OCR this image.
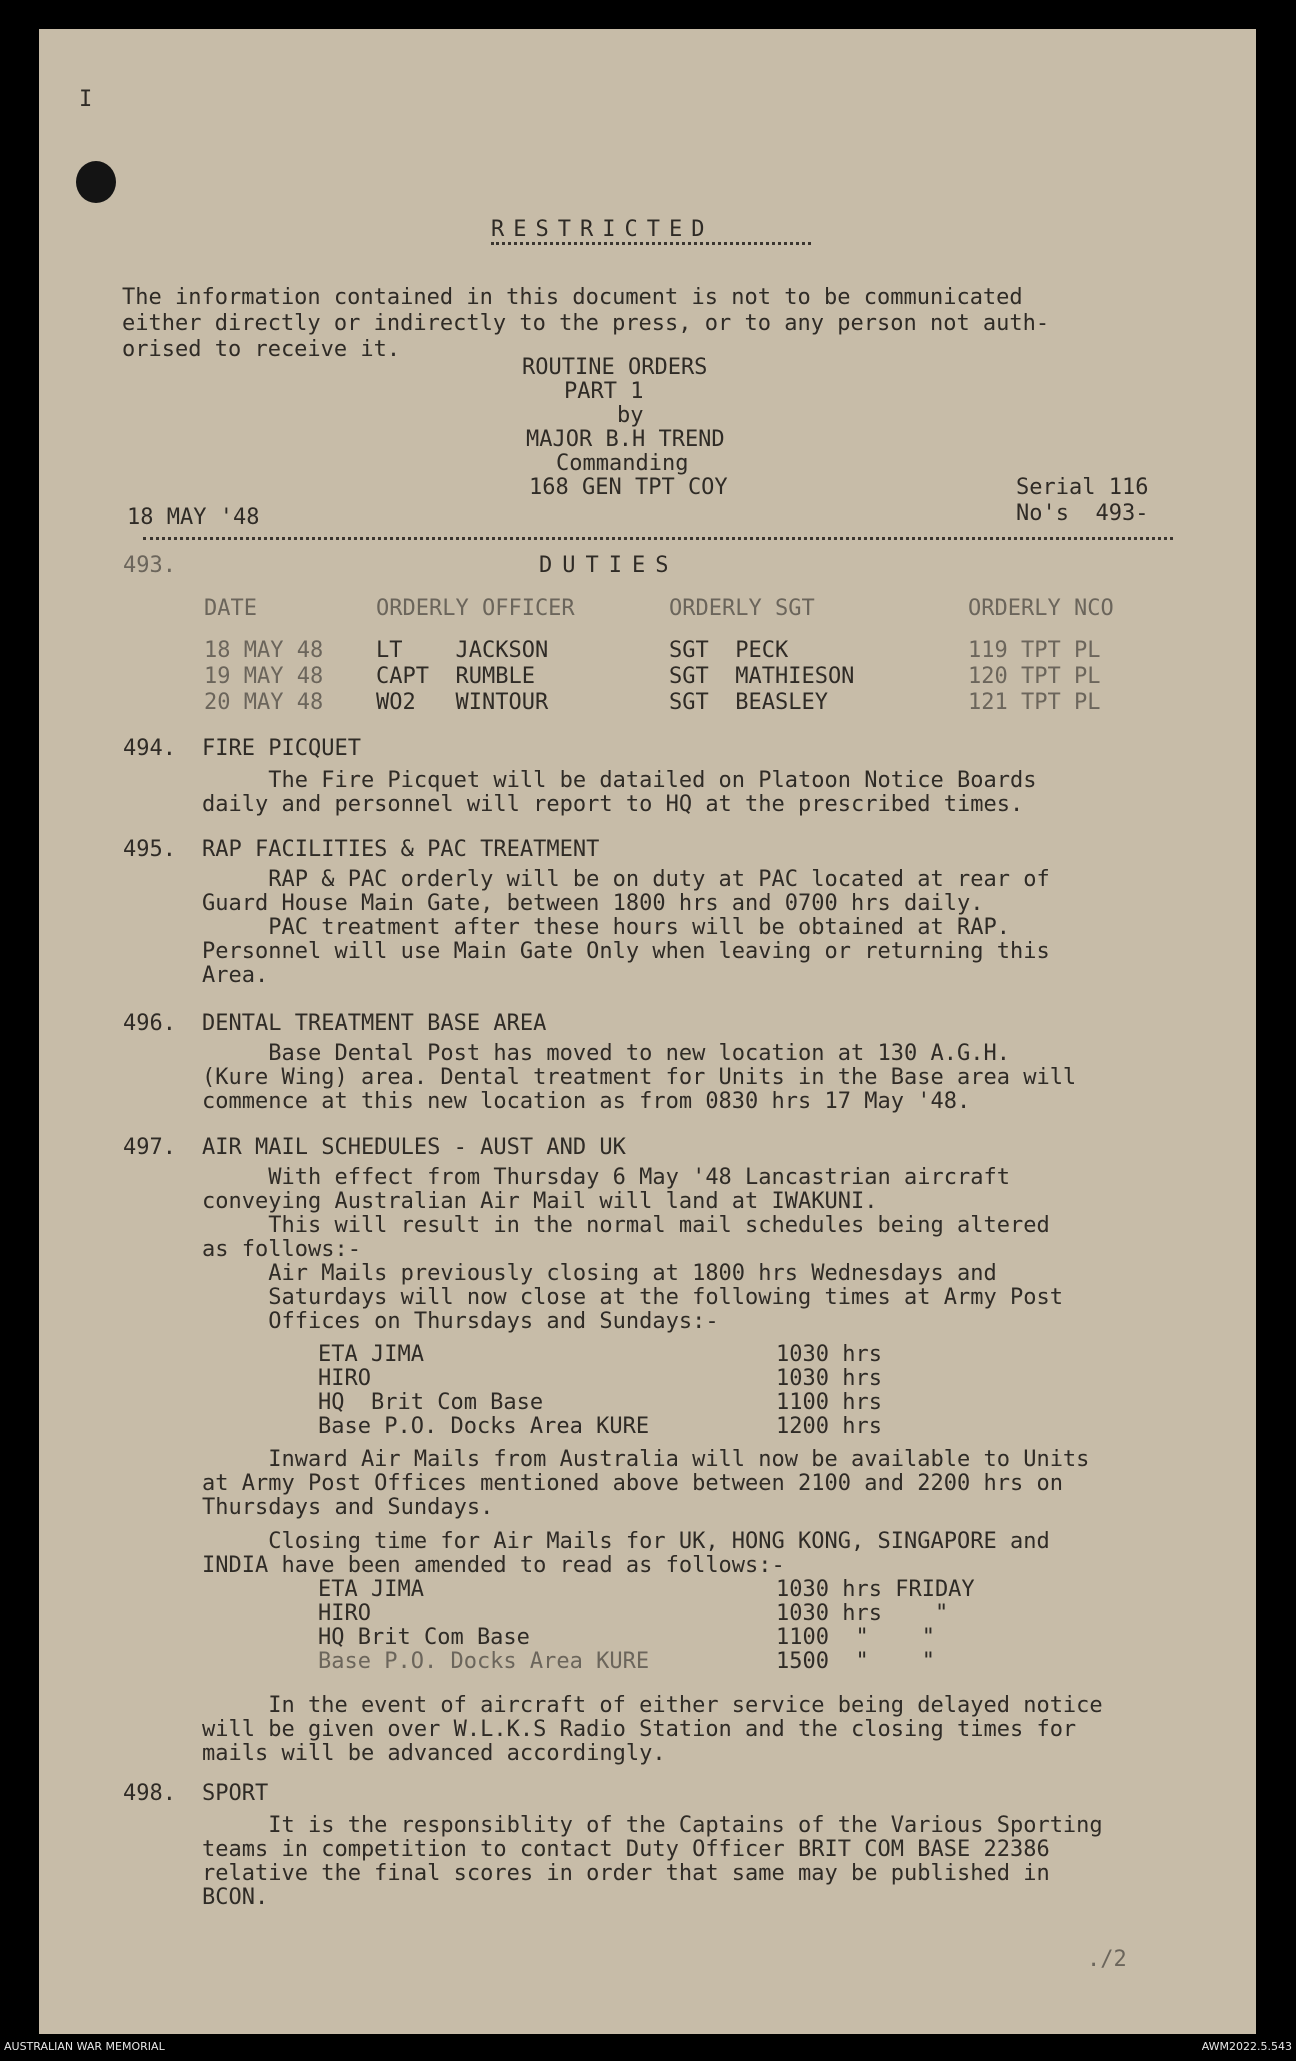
I
RESTRICTED
The information contained in this document is not to be communicated
either directly or indirectly to the press, or to any person not auth-
orised to receive it.
ROUTINE ORDERS
PART 1
by
MAJOR B.H TREND
Commanding
168 GEN TPT COY
18 MAY '48
Serial 116
No's  493-
493.	DUTIES
DATE	ORDERLY OFFICER	ORDERLY SGT	ORDERLY NCO
18 MAY 48 LT    JACKSON	SGT  PECK	119 TPT PL
19 MAY 48 CAPT  RUMBLE	SGT  MATHIESON	120 TPT PL
20 MAY 48 WO2   WINTOUR	SGT  BEASLEY	121 TPT PL
494. FIRE PICQUET
The Fire Picquet will be datailed on Platoon Notice Boards
daily and personnel will report to HQ at the prescribed times.
495. RAP FACILITIES & PAC TREATMENT
RAP & PAC orderly will be on duty at PAC located at rear of
Guard House Main Gate, between 1800 hrs and 0700 hrs daily.
PAC treatment after these hours will be obtained at RAP.
Personnel will use Main Gate Only when leaving or returning this
Area.
496. DENTAL TREATMENT BASE AREA
Base Dental Post has moved to new location at 130 A.G.H.
(Kure Wing) area. Dental treatment for Units in the Base area will
commence at this new location as from 0830 hrs 17 May '48.
497. AIR MAIL SCHEDULES - AUST AND UK
With effect from Thursday 6 May '48 Lancastrian aircraft
conveying Australian Air Mail will land at IWAKUNI.
This will result in the normal mail schedules being altered
as follows:-
Air Mails previously closing at 1800 hrs Wednesdays and
Saturdays will now close at the following times at Army Post
Offices on Thursdays and Sundays:-
ETA JIMA	1030 hrs
HIRO	1030 hrs
HQ  Brit Com Base	1100 hrs
Base P.O. Docks Area KURE	1200 hrs
Inward Air Mails from Australia will now be available to Units
at Army Post Offices mentioned above between 2100 and 2200 hrs on
Thursdays and Sundays.
Closing time for Air Mails for UK, HONG KONG, SINGAPORE and
INDIA have been amended to read as follows:-
ETA JIMA	1030 hrs FRIDAY
HIRO	1030 hrs    "
HQ Brit Com Base	1100  "    "
Base P.O. Docks Area KURE	1500  "    "
In the event of aircraft of either service being delayed notice
will be given over W.L.K.S Radio Station and the closing times for
mails will be advanced accordingly.
498. SPORT
It is the responsiblity of the Captains of the Various Sporting
teams in competition to contact Duty Officer BRIT COM BASE 22386
relative the final scores in order that same may be published in
BCON.
./2
AUSTRALIAN WAR MEMORIAL	AWM2022.5.543
